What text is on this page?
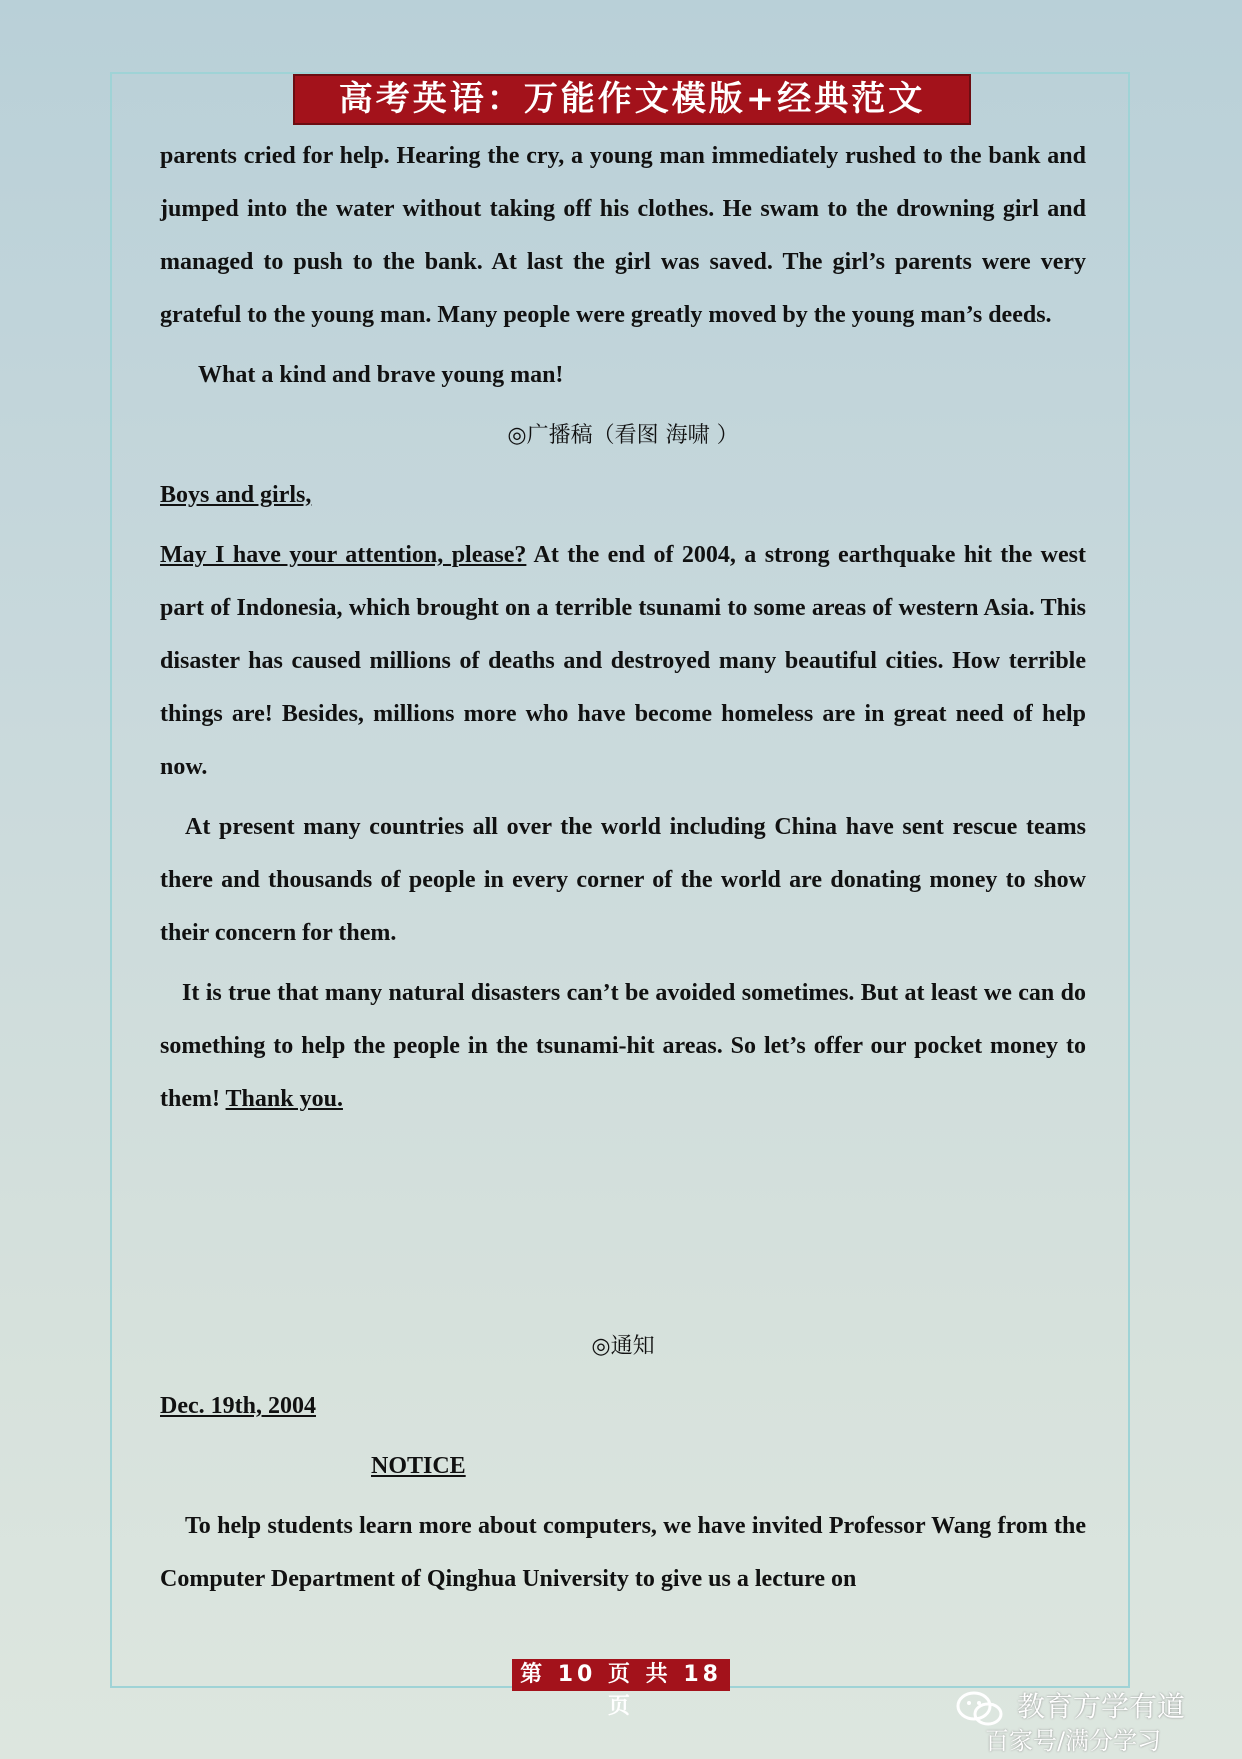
高考英语：万能作文模版+经典范文

parents cried for help. Hearing the cry, a young man immediately rushed to the bank and jumped into the water without taking off his clothes. He swam to the drowning girl and managed to push to the bank. At last the girl was saved. The girl’s parents were very grateful to the young man. Many people were greatly moved by the young man’s deeds.

What a kind and brave young man!

◎广播稿（看图 海啸 ）

Boys and girls,

May I have your attention, please? At the end of 2004, a strong earthquake hit the west part of Indonesia, which brought on a terrible tsunami to some areas of western Asia. This disaster has caused millions of deaths and destroyed many beautiful cities. How terrible things are! Besides, millions more who have become homeless are in great need of help now.

At present many countries all over the world including China have sent rescue teams there and thousands of people in every corner of the world are donating money to show their concern for them.

It is true that many natural disasters can’t be avoided sometimes. But at least we can do something to help the people in the tsunami-hit areas. So let’s offer our pocket money to them! Thank you.

◎通知

Dec. 19th, 2004

NOTICE

To help students learn more about computers, we have invited Professor Wang from the Computer Department of Qinghua University to give us a lecture on

第 10 页 共 18 页	教育方学有道
百家号/满分学习
